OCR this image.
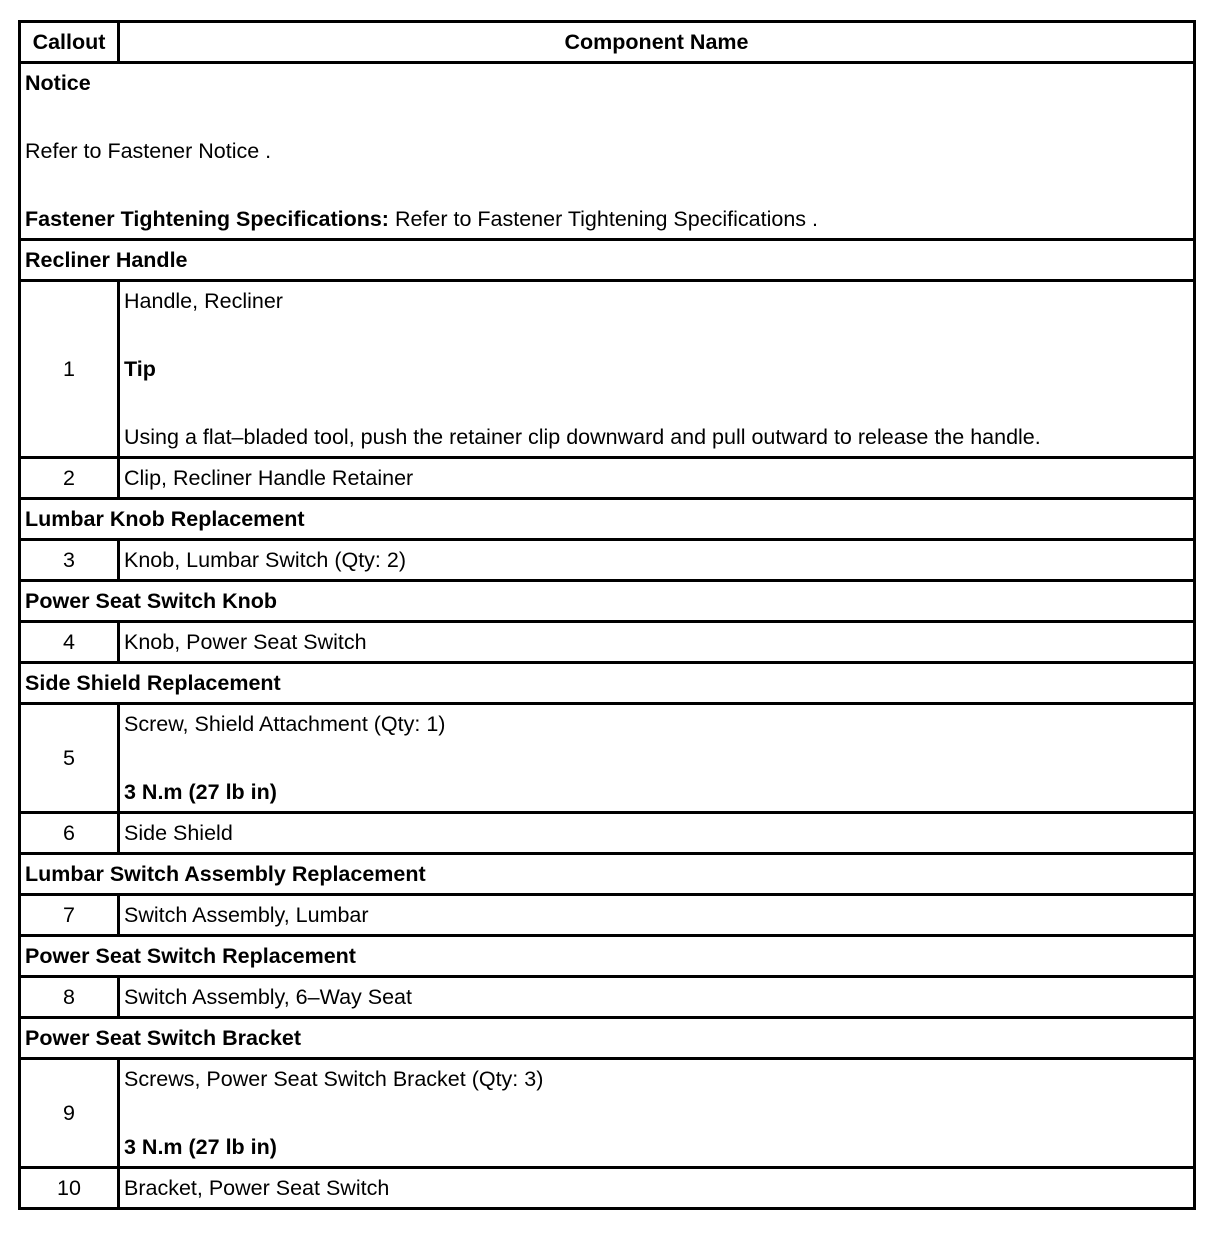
Callout	Component Name

Notice
Refer to Fastener Notice .
Fastener Tightening Specifications: Refer to Fastener Tightening Specifications .	

Recliner Handle	
1	Handle, Recliner
Tip
Using a flat–bladed tool, push the retainer clip downward and pull outward to release the handle.

2	Clip, Recliner Handle Retainer

Lumbar Knob Replacement	
3	Knob, Lumbar Switch (Qty: 2)

Power Seat Switch Knob	
4	Knob, Power Seat Switch

Side Shield Replacement	
5	Screw, Shield Attachment (Qty: 1)
3 N.m (27 lb in)

6	Side Shield

Lumbar Switch Assembly Replacement	
7	Switch Assembly, Lumbar

Power Seat Switch Replacement	
8	Switch Assembly, 6–Way Seat

Power Seat Switch Bracket	
9	Screws, Power Seat Switch Bracket (Qty: 3)
3 N.m (27 lb in)

10	Bracket, Power Seat Switch
